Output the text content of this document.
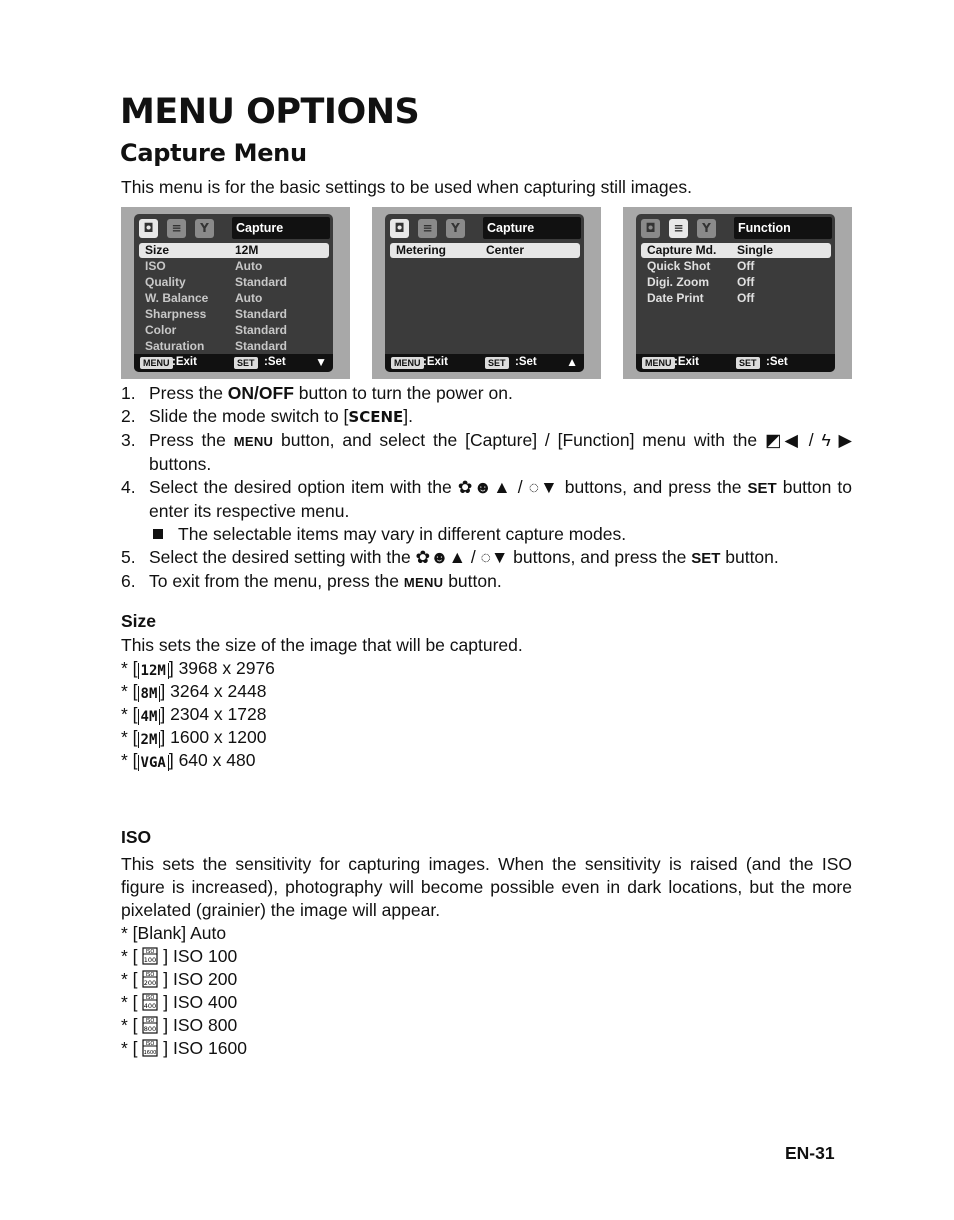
MENU OPTIONS
Capture Menu
This menu is for the basic settings to be used when capturing still images.
◘	≡	Y	Capture
Size	12M
ISO	Auto
Quality	Standard
W. Balance Auto
Sharpness Standard
Color	Standard
Saturation	Standard
MENU :Exit	SET :Set ▼
◘	≡	Y	Capture
Metering	Center
MENU :Exit	SET :Set ▲
◘	≡	Y	Function
Capture Md. Single
Quick Shot Off
Digi. Zoom Off
Date Print	Off
MENU :Exit	SET :Set
1. Press the ON/OFF button to turn the power on.
2. Slide the mode switch to [SCENE].
3. Press the MENU button, and select the [Capture] / [Function] menu with the ◩◀ / ϟ ▶ buttons.
4. Select the desired option item with the ✿☻▲ / ◌▼ buttons, and press the SET button to enter its respective menu.
The selectable items may vary in different capture modes.
5. Select the desired setting with the ✿☻▲ / ◌▼ buttons, and press the SET button.
6. To exit from the menu, press the MENU button.
Size
This sets the size of the image that will be captured.
* [ 12M ] 3968 x 2976
* [ 8M ] 3264 x 2448
* [ 4M ] 2304 x 1728
* [ 2M ] 1600 x 1200
* [ VGA ] 640 x 480
ISO
This sets the sensitivity for capturing images. When the sensitivity is raised (and the ISO figure is increased), photography will become possible even in dark locations, but the more pixelated (grainier) the image will appear.
* [Blank] Auto
* [ ISO
100 ] ISO 100
* [ ISO
200 ] ISO 200
* [ ISO
400 ] ISO 400
* [ ISO
800 ] ISO 800
* [ ISO
1600 ] ISO 1600
EN-31
